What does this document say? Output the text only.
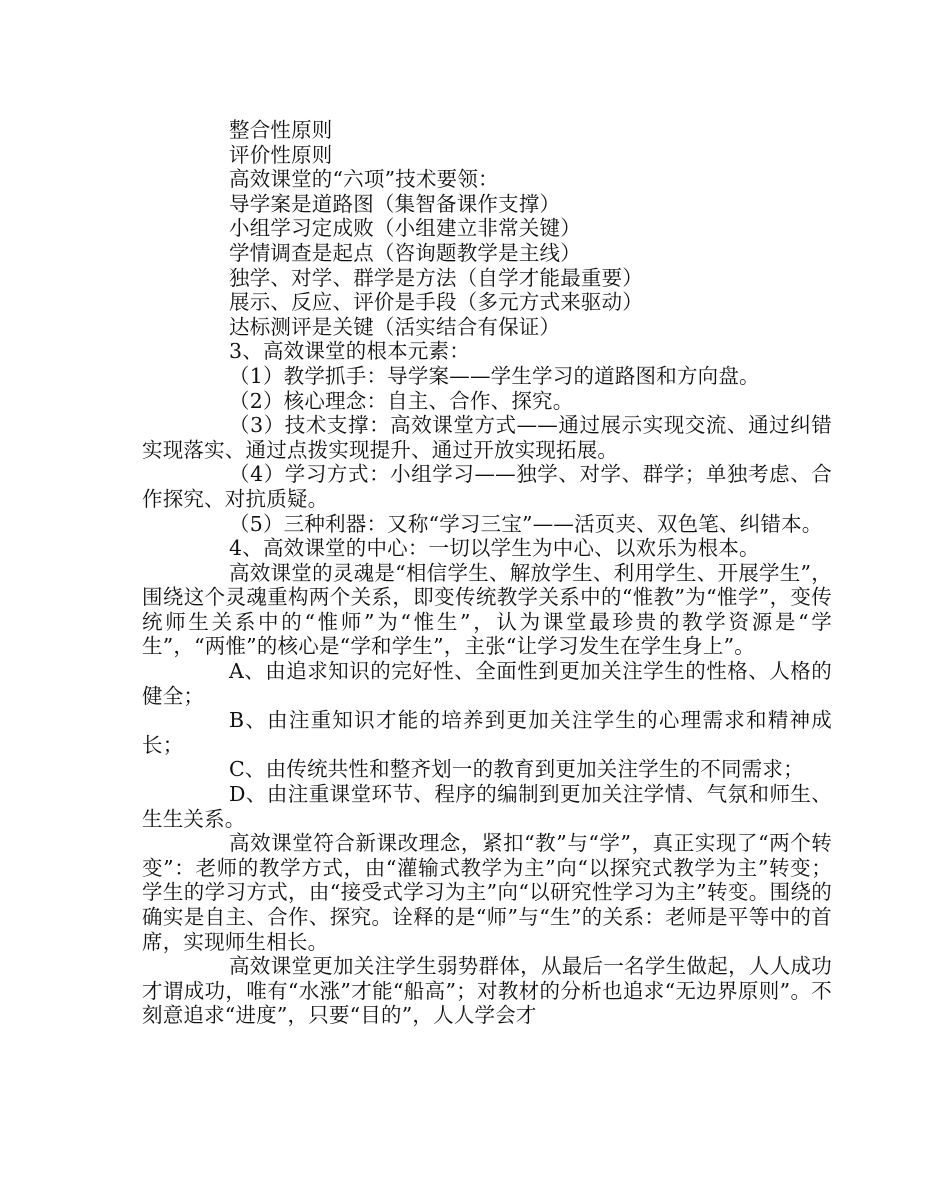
整合性原则

评价性原则

高效课堂的“六项”技术要领：

导学案是道路图（集智备课作支撑）

小组学习定成败（小组建立非常关键）

学情调查是起点（咨询题教学是主线）

独学、对学、群学是方法（自学才能最重要）

展示、反应、评价是手段（多元方式来驱动）

达标测评是关键（活实结合有保证）

3、高效课堂的根本元素：

（1）教学抓手：导学案——学生学习的道路图和方向盘。

（2）核心理念：自主、合作、探究。

（3）技术支撑：高效课堂方式——通过展示实现交流、通过纠错实现落实、通过点拨实现提升、通过开放实现拓展。

（4）学习方式：小组学习——独学、对学、群学；单独考虑、合作探究、对抗质疑。

（5）三种利器：又称“学习三宝”——活页夹、双色笔、纠错本。

4、高效课堂的中心：一切以学生为中心、以欢乐为根本。

高效课堂的灵魂是“相信学生、解放学生、利用学生、开展学生”，围绕这个灵魂重构两个关系，即变传统教学关系中的“惟教”为“惟学”，变传统师生关系中的“惟师”为“惟生”，认为课堂最珍贵的教学资源是“学生”，“两惟”的核心是“学和学生”，主张“让学习发生在学生身上”。

A、由追求知识的完好性、全面性到更加关注学生的性格、人格的健全；

B、由注重知识才能的培养到更加关注学生的心理需求和精神成长；

C、由传统共性和整齐划一的教育到更加关注学生的不同需求；

D、由注重课堂环节、程序的编制到更加关注学情、气氛和师生、生生关系。

高效课堂符合新课改理念，紧扣“教”与“学”，真正实现了“两个转变”：老师的教学方式，由“灌输式教学为主”向“以探究式教学为主”转变；学生的学习方式，由“接受式学习为主”向“以研究性学习为主”转变。围绕的确实是自主、合作、探究。诠释的是“师”与“生”的关系：老师是平等中的首席，实现师生相长。

高效课堂更加关注学生弱势群体，从最后一名学生做起，人人成功才谓成功，唯有“水涨”才能“船高”；对教材的分析也追求“无边界原则”。不刻意追求“进度”，只要“目的”，人人学会才
